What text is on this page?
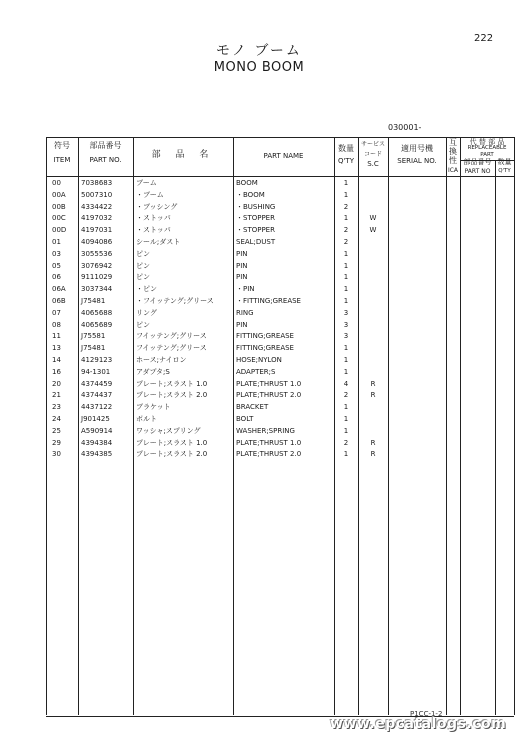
222
モノ ブーム
MONO BOOM
030001-
符号
ITEM
部品番号
PART NO.	部 品 名	PART NAME
数量
Q'TY
サービス
コード
S.C
適用号機
SERIAL NO.
互
換
性
ICA
代 替 部 品
REPLACEABLE
PART
部品番号
PART NO
数量
Q'TY
00	7038683	ブーム	BOOM	1
00A 5007310	・ブーム	・BOOM	1
00B 4334422	・ブッシング	・BUSHING	2
00C 4197032	・ストッパ	・STOPPER	1	W
00D 4197031	・ストッパ	・STOPPER	2	W
01	4094086	シール;ダスト	SEAL;DUST	2
03	3055536	ピン	PIN	1
05	3076942	ピン	PIN	1
06	9111029	ピン	PIN	1
06A 3037344	・ピン	・PIN	1
06B J75481	・フイッテング;グリース	・FITTING;GREASE	1
07	4065688	リング	RING	3
08	4065689	ピン	PIN	3
11	J75581	フイッテング;グリース	FITTING;GREASE	3
13	J75481	フイッテング;グリース	FITTING;GREASE	1
14	4129123	ホース;ナイロン	HOSE;NYLON	1
16	94-1301	アダプタ;S	ADAPTER;S	1
20	4374459	プレート;スラスト 1.0	PLATE;THRUST 1.0	4	R
21	4374437	プレート;スラスト 2.0	PLATE;THRUST 2.0	2	R
23	4437122	ブラケット	BRACKET	1
24	J901425	ボルト	BOLT	1
25	A590914	ワッシャ;スプリング	WASHER;SPRING	1
29	4394384	プレート;スラスト 1.0	PLATE;THRUST 1.0	2	R
30	4394385	プレート;スラスト 2.0	PLATE;THRUST 2.0	1	R
P1CC-1-2
www.epcatalogs.com
